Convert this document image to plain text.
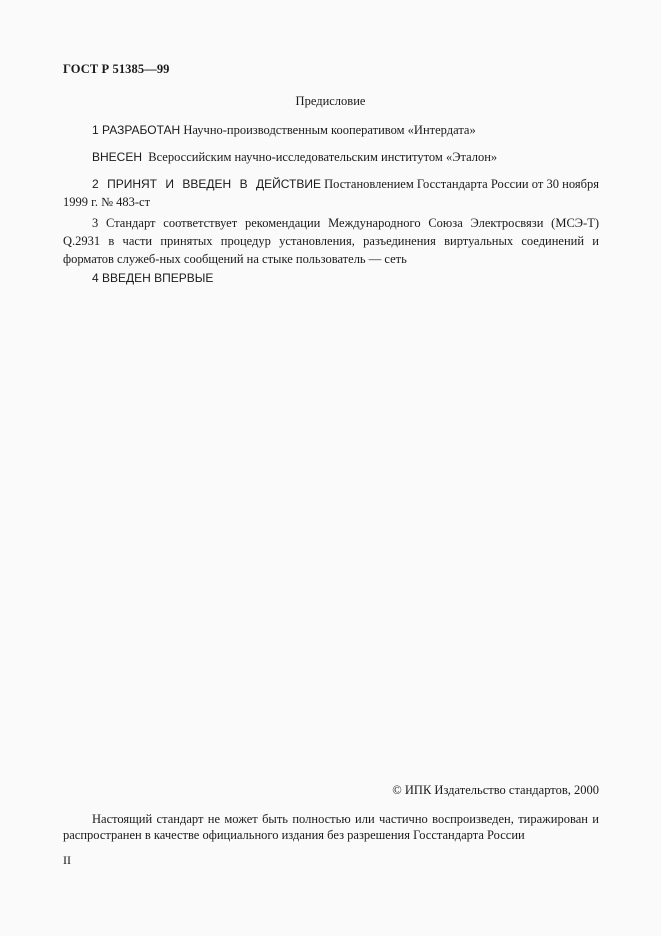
ГОСТ Р 51385—99
Предисловие

1 РАЗРАБОТАН Научно-производственным кооперативом «Интердата»

ВНЕСЕН  Всероссийским научно-исследовательским институтом «Эталон»

2 ПРИНЯТ И ВВЕДЕН В ДЕЙСТВИЕ Постановлением Госстандарта России от 30 ноября 1999 г. № 483-ст

3 Стандарт соответствует рекомендации Международного Союза Электросвязи (МСЭ-Т) Q.2931 в части принятых процедур установления, разъединения виртуальных соединений и форматов служеб-ных сообщений на стыке пользователь — сеть

4 ВВЕДЕН ВПЕРВЫЕ

© ИПК Издательство стандартов, 2000

Настоящий стандарт не может быть полностью или частично воспроизведен, тиражирован и распространен в качестве официального издания без разрешения Госстандарта России

II
